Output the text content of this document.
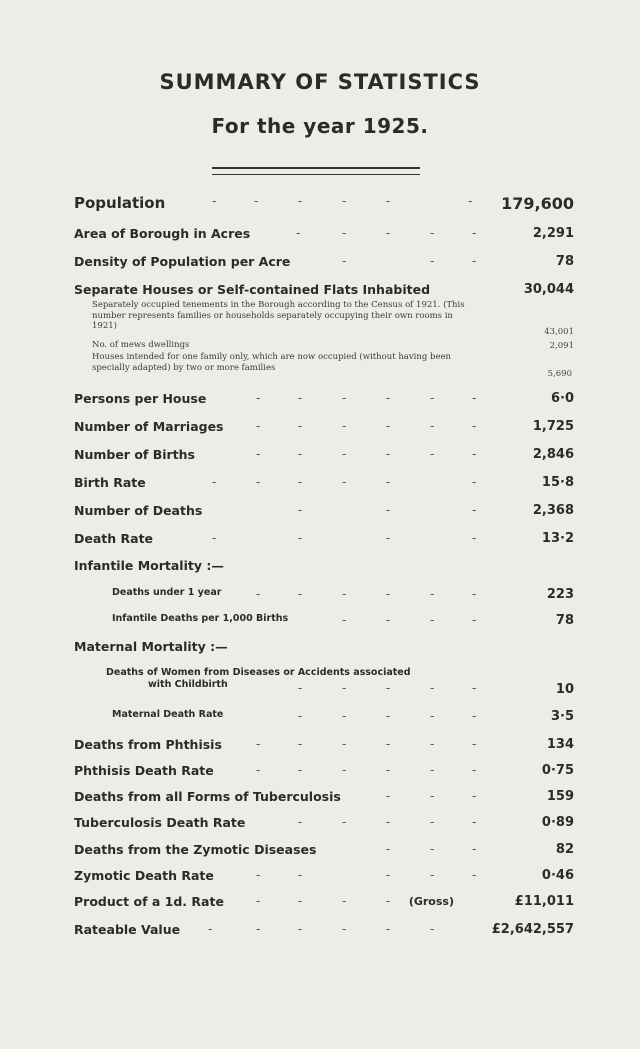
SUMMARY OF STATISTICS
For the year 1925.
Population	-	-	-	-	-	- 179,600
Area of Borough in Acres	-	-	-	-	-	2,291
Density of Population per Acre	-	-	-	78
Separate Houses or Self-contained Flats Inhabited	30,044
Separately occupied tenements in the Borough according to the Census of 1921. (This number represents families or households separately occupying their own rooms in 1921)
43,001
No. of mews dwellings	2,091
Houses intended for one family only, which are now occupied (without having been specially adapted) by two or more families
5,690
Persons per House	-	-	-	-	-	-	6·0
Number of Marriages	-	-	-	-	-	-	1,725
Number of Births	-	-	-	-	-	-	2,846
Birth Rate	-	-	-	-	-	-	15·8
Number of Deaths	-	-	-	2,368
Death Rate	-	-	-	-	13·2
Infantile Mortality :—
Deaths under 1 year	-	-	-	-	-	-	223
Infantile Deaths per 1,000 Births	-	-	-	-	78
Maternal Mortality :—
Deaths of Women from Diseases or Accidents associated
with Childbirth	-	-	-	-	-	10
Maternal Death Rate	-	-	-	-	-	3·5
Deaths from Phthisis	-	-	-	-	-	-	134
Phthisis Death Rate	-	-	-	-	-	-	0·75
Deaths from all Forms of Tuberculosis	-	-	-	159
Tuberculosis Death Rate	-	-	-	-	-	0·89
Deaths from the Zymotic Diseases	-	-	-	82
Zymotic Death Rate	-	-	-	-	-	0·46
Product of a 1d. Rate	-	-	-	- (Gross)	£11,011
Rateable Value -	-	-	-	-	-	£2,642,557
